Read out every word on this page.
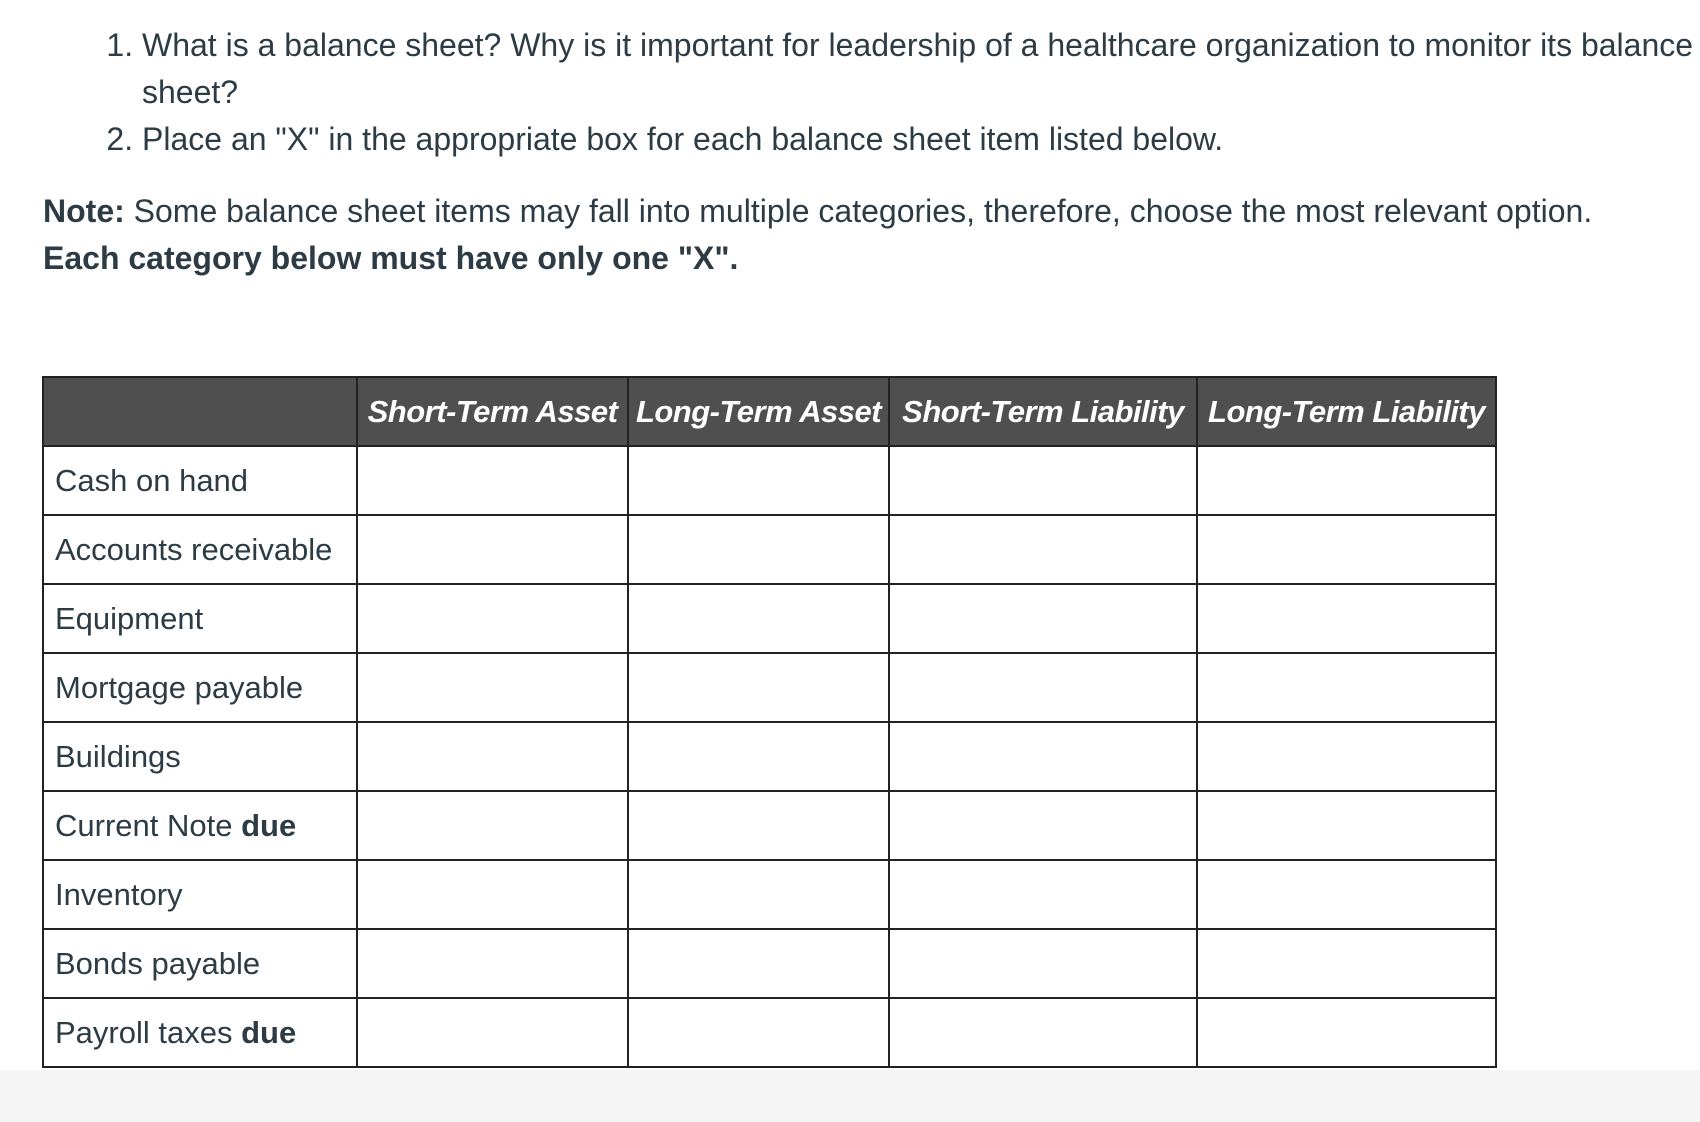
1. What is a balance sheet? Why is it important for leadership of a healthcare organization to monitor its balance sheet?
2. Place an "X" in the appropriate box for each balance sheet item listed below.

Note: Some balance sheet items may fall into multiple categories, therefore, choose the most relevant option. Each category below must have only one "X".

	Short-Term Asset	Long-Term Asset	Short-Term Liability	Long-Term Liability
Cash on hand	

Accounts receivable	

Equipment	

Mortgage payable	

Buildings	

Current Note due	

Inventory	

Bonds payable	

Payroll taxes due	
